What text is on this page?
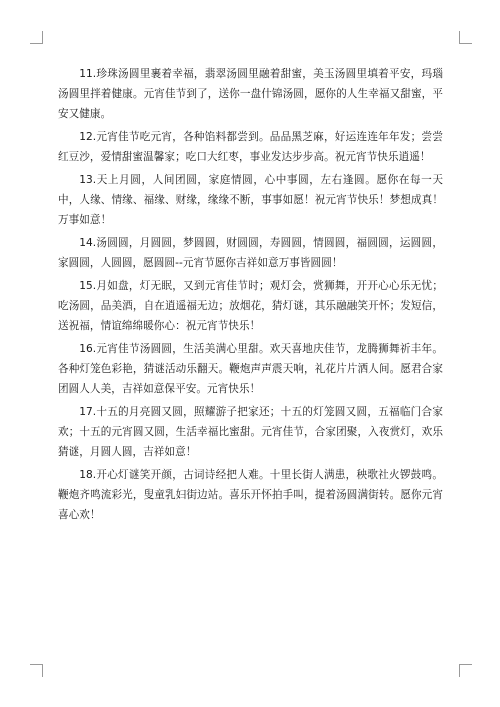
11.珍珠汤圆里裹着幸福，翡翠汤圆里融着甜蜜，美玉汤圆里填着平安，玛瑙汤圆里拌着健康。元宵佳节到了，送你一盘什锦汤圆，愿你的人生幸福又甜蜜，平安又健康。

12.元宵佳节吃元宵，各种馅料都尝到。品品黑芝麻，好运连连年年发；尝尝红豆沙，爱情甜蜜温馨家；吃口大红枣，事业发达步步高。祝元宵节快乐逍遥！

13.天上月圆，人间团圆，家庭情圆，心中事圆，左右逢圆。愿你在每一天中，人缘、情缘、福缘、财缘，缘缘不断，事事如愿！祝元宵节快乐！梦想成真！万事如意！

14.汤圆圆，月圆圆，梦圆圆，财圆圆，寿圆圆，情圆圆，福圆圆，运圆圆，家圆圆，人圆圆，愿圆圆--元宵节愿你吉祥如意万事皆圆圆！

15.月如盘，灯无眠，又到元宵佳节时；观灯会，赏狮舞，开开心心乐无忧；吃汤圆，品美酒，自在逍遥福无边；放烟花，猜灯谜，其乐融融笑开怀；发短信，送祝福，情谊绵绵暖你心：祝元宵节快乐！

16.元宵佳节汤圆圆，生活美满心里甜。欢天喜地庆佳节，龙腾狮舞祈丰年。各种灯笼色彩艳，猜谜活动乐翻天。鞭炮声声震天响，礼花片片洒人间。愿君合家团圆人人美，吉祥如意保平安。元宵快乐！

17.十五的月亮圆又圆，照耀游子把家还；十五的灯笼圆又圆，五福临门合家欢；十五的元宵圆又圆，生活幸福比蜜甜。元宵佳节，合家团聚，入夜赏灯，欢乐猜谜，月圆人圆，吉祥如意！

18.开心灯谜笑开颜，古词诗经把人难。十里长街人满患，秧歌社火锣鼓鸣。鞭炮齐鸣流彩光，叟童乳妇街边站。喜乐开怀拍手叫，提着汤圆满街转。愿你元宵喜心欢！
